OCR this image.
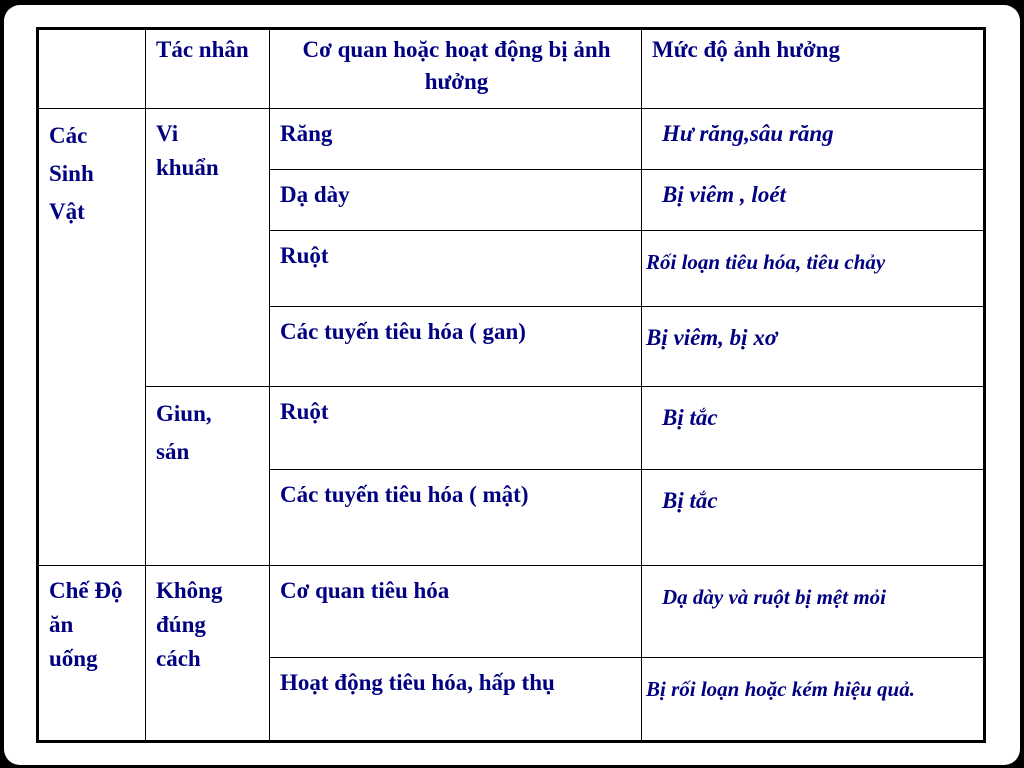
	Tác nhân	Cơ quan hoặc hoạt động bị ảnh hưởng	Mức độ ảnh hưởng
Các Sinh Vật	Vi khuẩn	Răng	Hư răng,sâu răng
		Dạ dày	Bị viêm , loét
		Ruột	Rối loạn tiêu hóa, tiêu chảy
		Các tuyến tiêu hóa ( gan)	Bị viêm, bị xơ
	Giun, sán	Ruột	Bị tắc
		Các tuyến tiêu hóa ( mật)	Bị tắc
Chế Độ ăn uống	Không đúng cách	Cơ quan tiêu hóa	Dạ dày và ruột bị mệt mỏi
		Hoạt động tiêu hóa, hấp thụ	Bị rối loạn hoặc kém hiệu quả.
